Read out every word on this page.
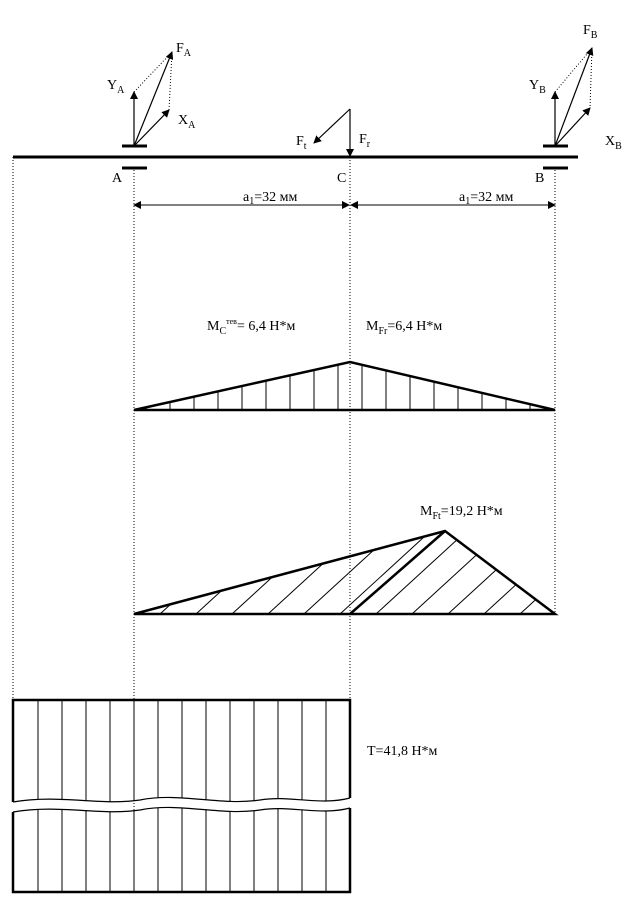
$F_A$
$Y_A$
$X_A$
A
$F_t$	$F_r$
C
$F_B$
$Y_B$
$X_B$
B
a1=32 мм	a1=32 мм
$M_C^{тев}= 6,4$ Н*м	$M_{Fr}=6,4$ Н*м
$M_{Ft}=19,2$ Н*м
T=41,8 Н*м
